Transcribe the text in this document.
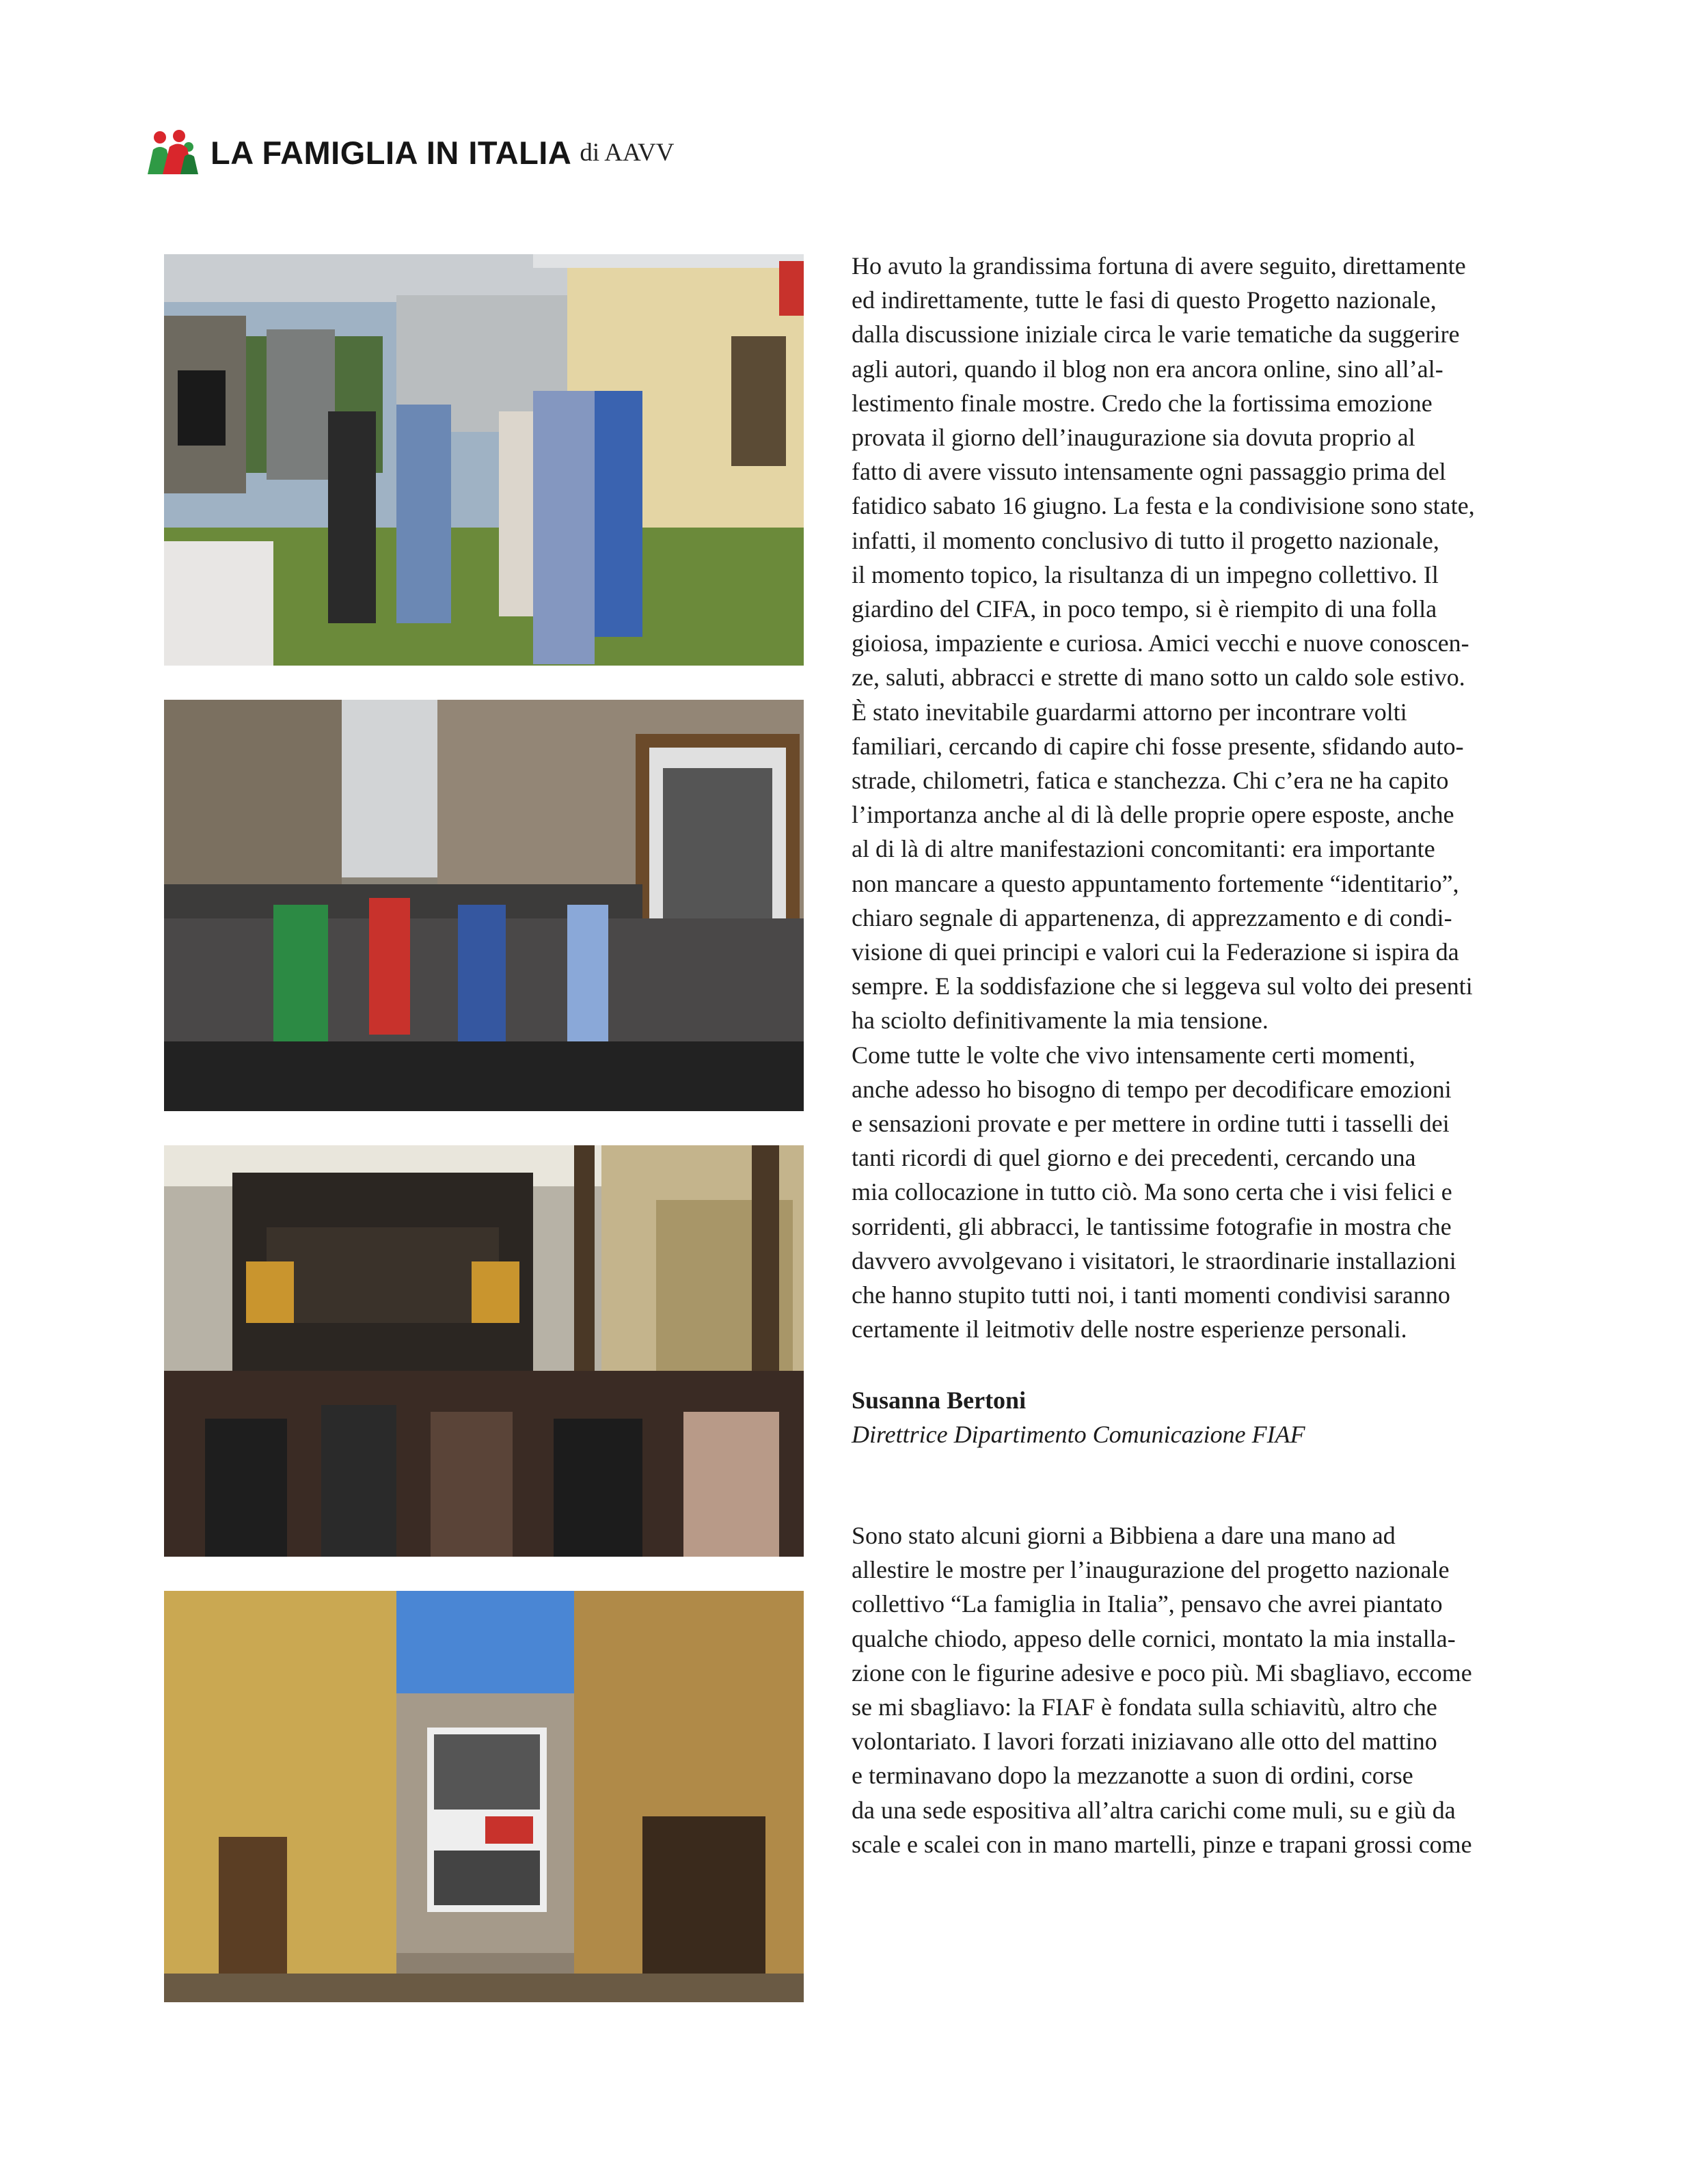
LA FAMIGLIA IN ITALIA di AAVV

Ho avuto la grandissima fortuna di avere seguito, direttamente

ed indirettamente, tutte le fasi di questo Progetto nazionale,

dalla discussione iniziale circa le varie tematiche da suggerire

agli autori, quando il blog non era ancora online, sino all’al-

lestimento finale mostre. Credo che la fortissima emozione

provata il giorno dell’inaugurazione sia dovuta proprio al

fatto di avere vissuto intensamente ogni passaggio prima del

fatidico sabato 16 giugno. La festa e la condivisione sono state,

infatti, il momento conclusivo di tutto il progetto nazionale,

il momento topico, la risultanza di un impegno collettivo. Il

giardino del CIFA, in poco tempo, si è riempito di una folla

gioiosa, impaziente e curiosa. Amici vecchi e nuove conoscen-

ze, saluti, abbracci e strette di mano sotto un caldo sole estivo.

È stato inevitabile guardarmi attorno per incontrare volti

familiari, cercando di capire chi fosse presente, sfidando auto-

strade, chilometri, fatica e stanchezza. Chi c’era ne ha capito

l’importanza anche al di là delle proprie opere esposte, anche

al di là di altre manifestazioni concomitanti: era importante

non mancare a questo appuntamento fortemente “identitario”,

chiaro segnale di appartenenza, di apprezzamento e di condi-

visione di quei principi e valori cui la Federazione si ispira da

sempre. E la soddisfazione che si leggeva sul volto dei presenti

ha sciolto definitivamente la mia tensione.

Come tutte le volte che vivo intensamente certi momenti,

anche adesso ho bisogno di tempo per decodificare emozioni

e sensazioni provate e per mettere in ordine tutti i tasselli dei

tanti ricordi di quel giorno e dei precedenti, cercando una

mia collocazione in tutto ciò. Ma sono certa che i visi felici e

sorridenti, gli abbracci, le tantissime fotografie in mostra che

davvero avvolgevano i visitatori, le straordinarie installazioni

che hanno stupito tutti noi, i tanti momenti condivisi saranno

certamente il leitmotiv delle nostre esperienze personali.

Susanna Bertoni

Direttrice Dipartimento Comunicazione FIAF

Sono stato alcuni giorni a Bibbiena a dare una mano ad

allestire le mostre per l’inaugurazione del progetto nazionale

collettivo “La famiglia in Italia”, pensavo che avrei piantato

qualche chiodo, appeso delle cornici, montato la mia installa-

zione con le figurine adesive e poco più. Mi sbagliavo, eccome

se mi sbagliavo: la FIAF è fondata sulla schiavitù, altro che

volontariato. I lavori forzati iniziavano alle otto del mattino

e terminavano dopo la mezzanotte a suon di ordini, corse

da una sede espositiva all’altra carichi come muli, su e giù da

scale e scalei con in mano martelli, pinze e trapani grossi come
